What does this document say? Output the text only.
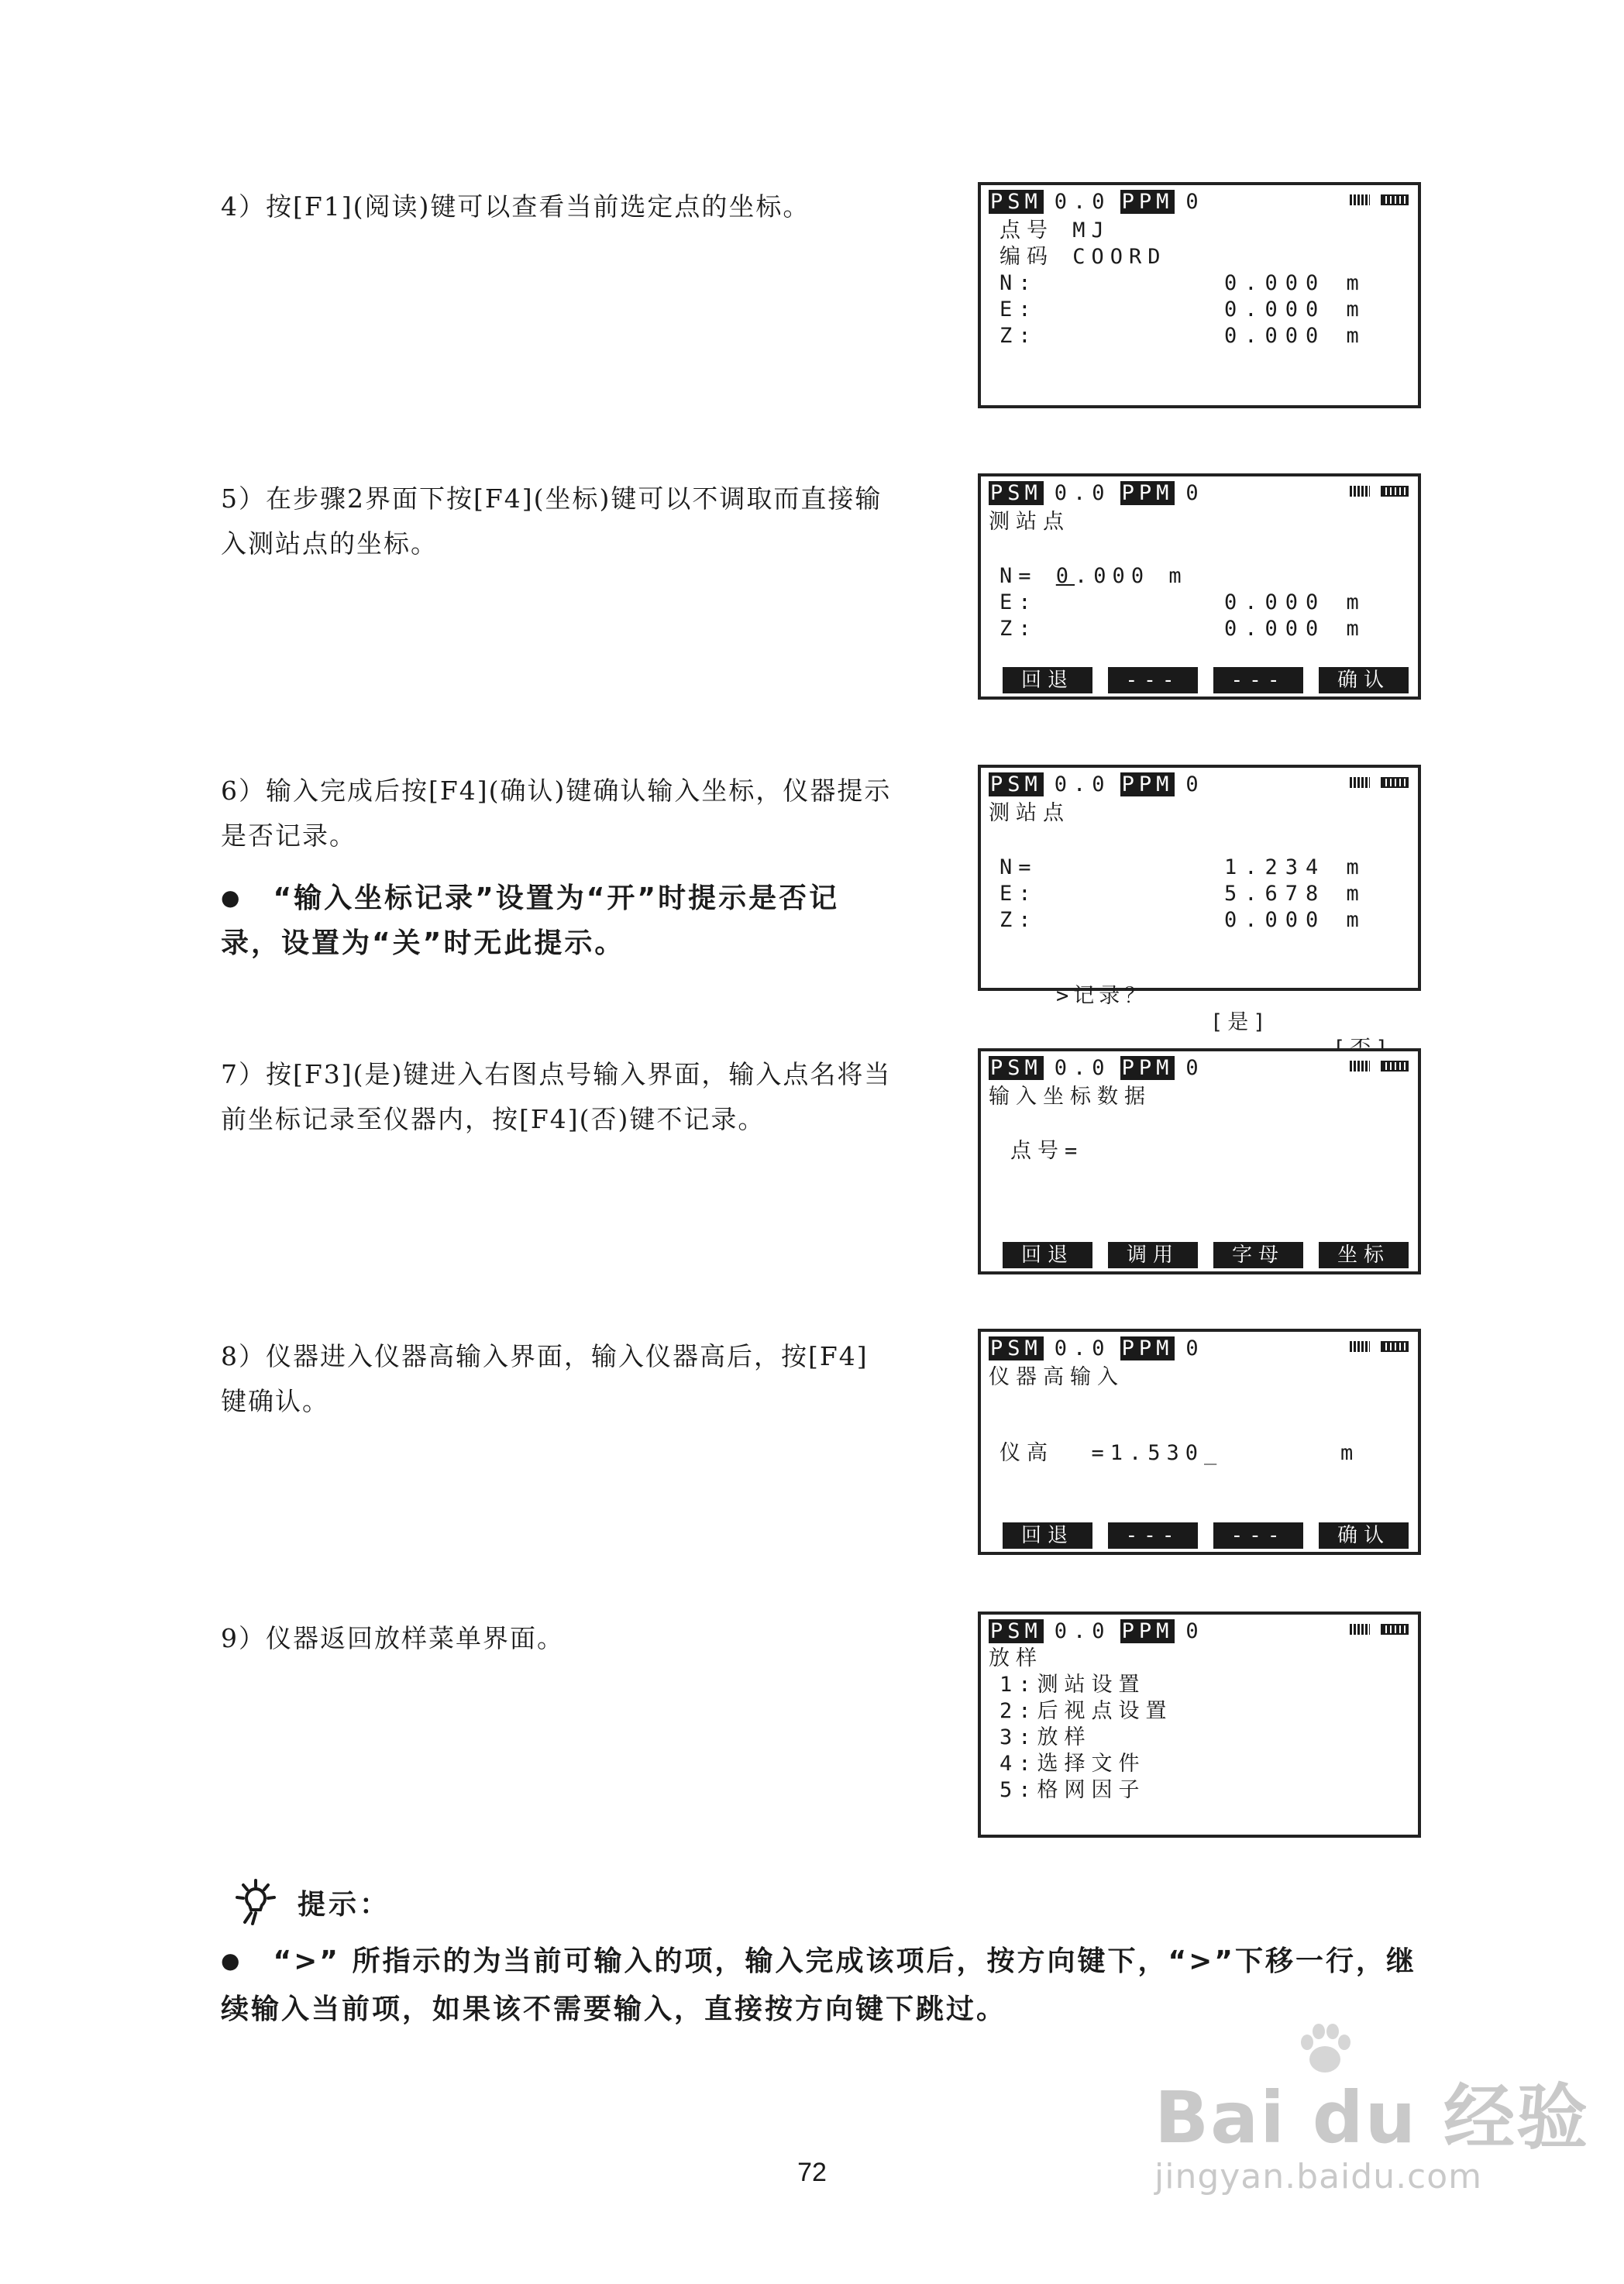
4）按[F1](阅读)键可以查看当前选定点的坐标。

5）在步骤2界面下按[F4](坐标)键可以不调取而直接输入测站点的坐标。

6）输入完成后按[F4](确认)键确认输入坐标，仪器提示是否记录。

● “输入坐标记录”设置为“开”时提示是否记录，设置为“关”时无此提示。

7）按[F3](是)键进入右图点号输入界面，输入点名将当前坐标记录至仪器内，按[F4](否)键不记录。

8）仪器进入仪器高输入界面，输入仪器高后，按[F4]键确认。

9）仪器返回放样菜单界面。

PSM 0.0 PPM 0
点号 MJ
编码 COORD
N:	0.000 m
E:	0.000 m
Z:	0.000 m
PSM 0.0 PPM 0
测站点
N= 0.000 m
E:	0.000 m
Z:	0.000 m
回退	---	---	确认
PSM 0.0 PPM 0
测站点
N=	1.234 m
E:	5.678 m
Z:	0.000 m

>记录？

[是]

PSM 0.0 PPM 0
输入坐标数据
点号=
回退	调用	字母	坐标
PSM 0.0 PPM 0
仪器高输入
仪高  =1.530_	m
回退	---	---	确认
PSM 0.0 PPM 0
放样
1:测站设置
2:后视点设置
3:放样
4:选择文件
5:格网因子
提示：

● “>” 所指示的为当前可输入的项，输入完成该项后，按方向键下，“>”下移一行，继续输入当前项，如果该不需要输入，直接按方向键下跳过。

72
Bai du 经验
jingyan.baidu.com
